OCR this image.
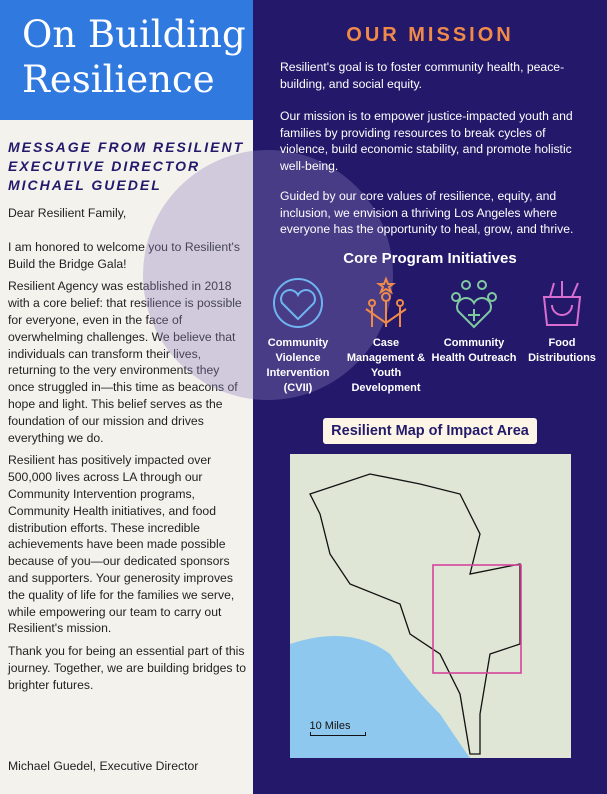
On Building
Resilience
MESSAGE FROM RESILIENT EXECUTIVE DIRECTOR MICHAEL GUEDEL
Dear Resilient Family,
I am honored to welcome you to Resilient's Build the Bridge Gala!
Resilient Agency was established in 2018 with a core belief: that resilience is possible for everyone, even in the face of overwhelming challenges. We believe that individuals can transform their lives, returning to the very environments they once struggled in—this time as beacons of hope and light. This belief serves as the foundation of our mission and drives everything we do.
Resilient has positively impacted over 500,000 lives across LA through our Community Intervention programs, Community Health initiatives, and food distribution efforts. These incredible achievements have been made possible because of you—our dedicated sponsors and supporters. Your generosity improves the quality of life for the families we serve, while empowering our team to carry out Resilient's mission.
Thank you for being an essential part of this journey. Together, we are building bridges to brighter futures.
Michael Guedel, Executive Director
OUR MISSION
Resilient's goal is to foster community health, peace-building, and social equity.
Our mission is to empower justice-impacted youth and families by providing resources to break cycles of violence, build economic stability, and promote holistic well-being.
Guided by our core values of resilience, equity, and inclusion, we envision a thriving Los Angeles where everyone has the opportunity to heal, grow, and thrive.
Core Program Initiatives
Community Violence Intervention (CVII)
Case Management & Youth Development
Community Health Outreach
Food Distributions
Resilient Map of Impact Area
10 Miles
